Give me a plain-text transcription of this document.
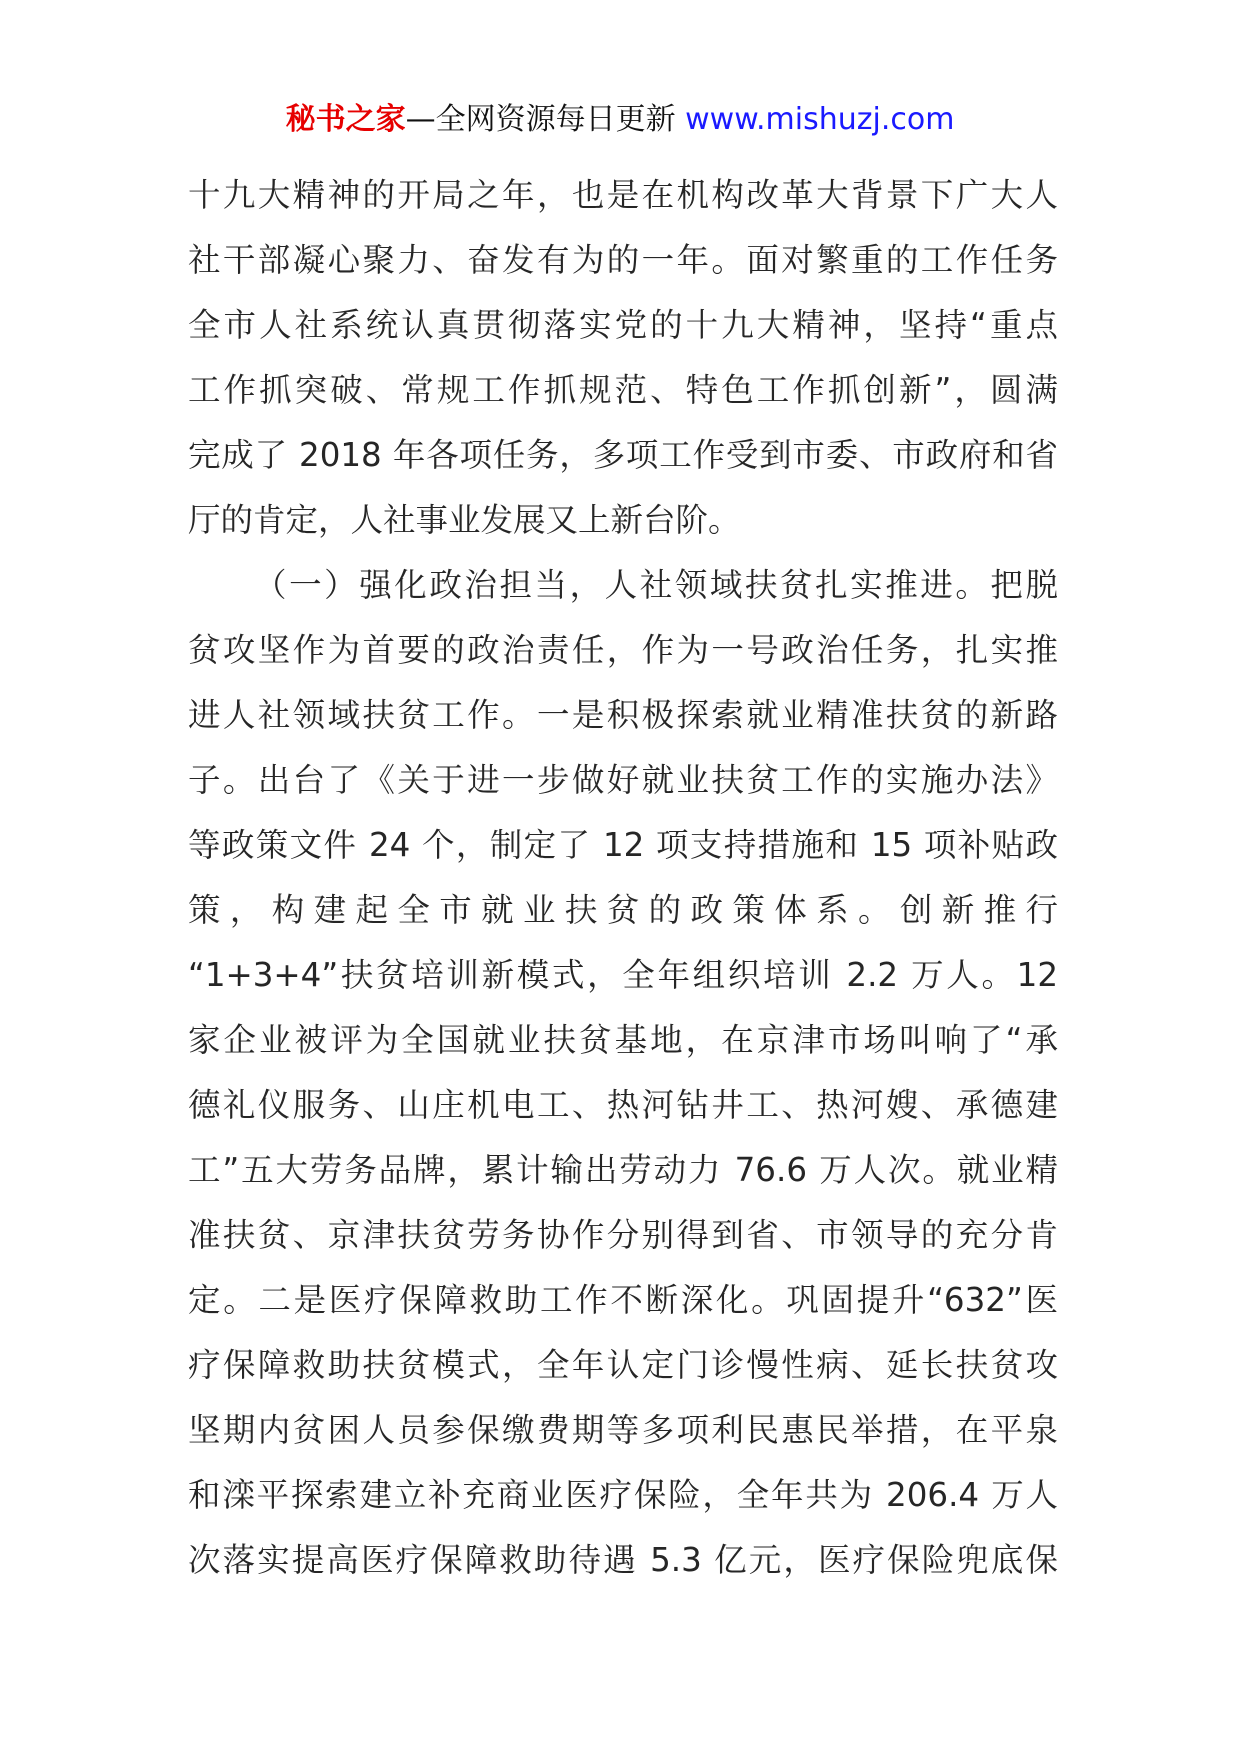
秘书之家—全网资源每日更新 www.mishuzj.com
十九大精神的开局之年，也是在机构改革大背景下广大人
社干部凝心聚力、奋发有为的一年。面对繁重的工作任务
全市人社系统认真贯彻落实党的十九大精神，坚持“重点
工作抓突破、常规工作抓规范、特色工作抓创新”，圆满
完成了 2018 年各项任务，多项工作受到市委、市政府和省
厅的肯定，人社事业发展又上新台阶。
（一）强化政治担当，人社领域扶贫扎实推进。把脱
贫攻坚作为首要的政治责任，作为一号政治任务，扎实推
进人社领域扶贫工作。一是积极探索就业精准扶贫的新路
子。出台了《关于进一步做好就业扶贫工作的实施办法》
等政策文件 24 个，制定了 12 项支持措施和 15 项补贴政
策，构建起全市就业扶贫的政策体系。创新推行
“1+3+4”扶贫培训新模式，全年组织培训 2.2 万人。12
家企业被评为全国就业扶贫基地，在京津市场叫响了“承
德礼仪服务、山庄机电工、热河钻井工、热河嫂、承德建
工”五大劳务品牌，累计输出劳动力 76.6 万人次。就业精
准扶贫、京津扶贫劳务协作分别得到省、市领导的充分肯
定。二是医疗保障救助工作不断深化。巩固提升“632”医
疗保障救助扶贫模式，全年认定门诊慢性病、延长扶贫攻
坚期内贫困人员参保缴费期等多项利民惠民举措，在平泉
和滦平探索建立补充商业医疗保险，全年共为 206.4 万人
次落实提高医疗保障救助待遇 5.3 亿元，医疗保险兜底保
